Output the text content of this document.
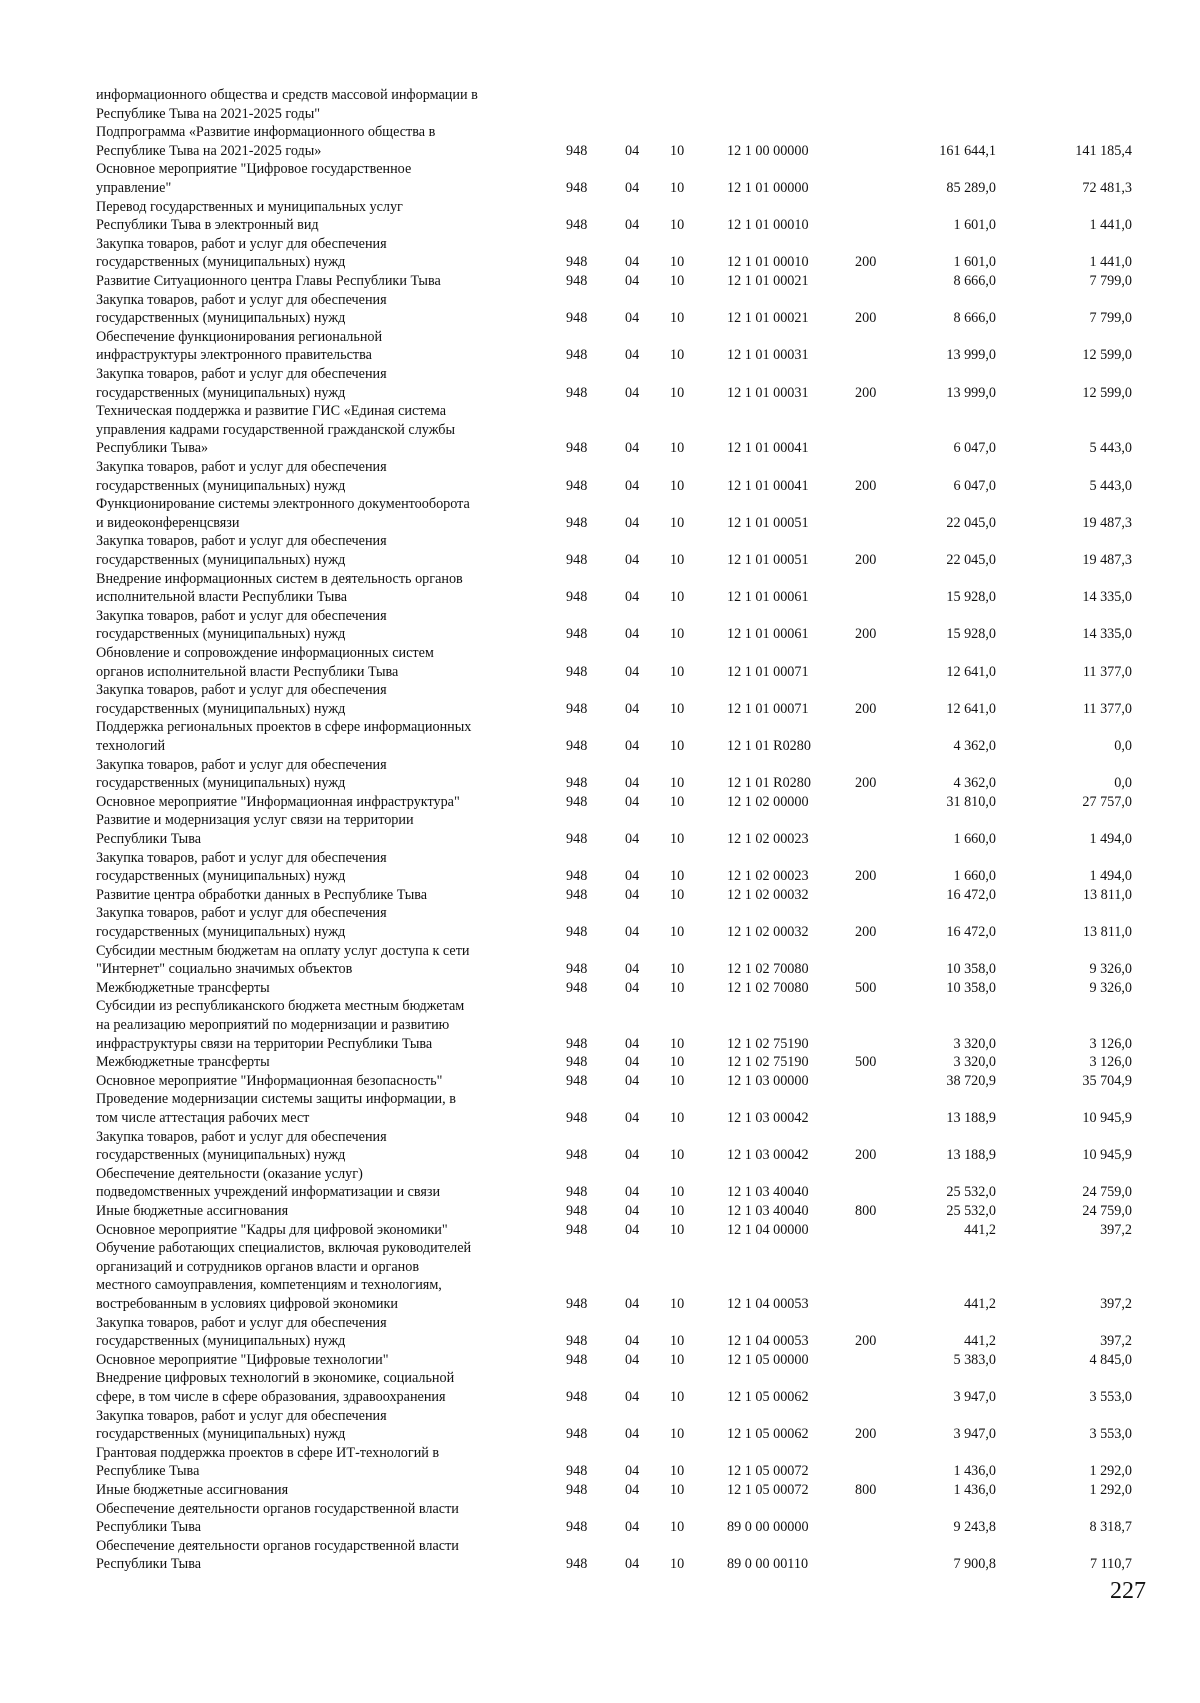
информационного общества и средств массовой информации в
Республике Тыва на 2021-2025 годы"
Подпрограмма «Развитие информационного общества в
Республике Тыва на 2021-2025 годы»	948	04 10	12 1 00 00000	161 644,1	141 185,4
Основное мероприятие "Цифровое государственное
управление"	948	04 10	12 1 01 00000	85 289,0	72 481,3
Перевод государственных и муниципальных услуг
Республики Тыва в электронный вид	948	04 10	12 1 01 00010	1 601,0	1 441,0
Закупка товаров, работ и услуг для обеспечения
государственных (муниципальных) нужд	948	04 10	12 1 01 00010	200	1 601,0	1 441,0
Развитие Ситуационного центра Главы Республики Тыва	948	04 10	12 1 01 00021	8 666,0	7 799,0
Закупка товаров, работ и услуг для обеспечения
государственных (муниципальных) нужд	948	04 10	12 1 01 00021	200	8 666,0	7 799,0
Обеспечение функционирования региональной
инфраструктуры электронного правительства	948	04 10	12 1 01 00031	13 999,0	12 599,0
Закупка товаров, работ и услуг для обеспечения
государственных (муниципальных) нужд	948	04 10	12 1 01 00031	200	13 999,0	12 599,0
Техническая поддержка и развитие ГИС «Единая система
управления кадрами государственной гражданской службы
Республики Тыва»	948	04 10	12 1 01 00041	6 047,0	5 443,0
Закупка товаров, работ и услуг для обеспечения
государственных (муниципальных) нужд	948	04 10	12 1 01 00041	200	6 047,0	5 443,0
Функционирование системы электронного документооборота
и видеоконференцсвязи	948	04 10	12 1 01 00051	22 045,0	19 487,3
Закупка товаров, работ и услуг для обеспечения
государственных (муниципальных) нужд	948	04 10	12 1 01 00051	200	22 045,0	19 487,3
Внедрение информационных систем в деятельность органов
исполнительной власти Республики Тыва	948	04 10	12 1 01 00061	15 928,0	14 335,0
Закупка товаров, работ и услуг для обеспечения
государственных (муниципальных) нужд	948	04 10	12 1 01 00061	200	15 928,0	14 335,0
Обновление и сопровождение информационных систем
органов исполнительной власти Республики Тыва	948	04 10	12 1 01 00071	12 641,0	11 377,0
Закупка товаров, работ и услуг для обеспечения
государственных (муниципальных) нужд	948	04 10	12 1 01 00071	200	12 641,0	11 377,0
Поддержка региональных проектов в сфере информационных
технологий	948	04 10	12 1 01 R0280	4 362,0	0,0
Закупка товаров, работ и услуг для обеспечения
государственных (муниципальных) нужд	948	04 10	12 1 01 R0280	200	4 362,0	0,0
Основное мероприятие "Информационная инфраструктура"	948	04 10	12 1 02 00000	31 810,0	27 757,0
Развитие и модернизация услуг связи на территории
Республики Тыва	948	04 10	12 1 02 00023	1 660,0	1 494,0
Закупка товаров, работ и услуг для обеспечения
государственных (муниципальных) нужд	948	04 10	12 1 02 00023	200	1 660,0	1 494,0
Развитие центра обработки данных в Республике Тыва	948	04 10	12 1 02 00032	16 472,0	13 811,0
Закупка товаров, работ и услуг для обеспечения
государственных (муниципальных) нужд	948	04 10	12 1 02 00032	200	16 472,0	13 811,0
Субсидии местным бюджетам на оплату услуг доступа к сети
"Интернет" социально значимых объектов	948	04 10	12 1 02 70080	10 358,0	9 326,0
Межбюджетные трансферты	948	04 10	12 1 02 70080	500	10 358,0	9 326,0
Субсидии из республиканского бюджета местным бюджетам
на реализацию мероприятий по модернизации и развитию
инфраструктуры связи на территории Республики Тыва	948	04 10	12 1 02 75190	3 320,0	3 126,0
Межбюджетные трансферты	948	04 10	12 1 02 75190	500	3 320,0	3 126,0
Основное мероприятие "Информационная безопасность"	948	04 10	12 1 03 00000	38 720,9	35 704,9
Проведение модернизации системы защиты информации, в
том числе аттестация рабочих мест	948	04 10	12 1 03 00042	13 188,9	10 945,9
Закупка товаров, работ и услуг для обеспечения
государственных (муниципальных) нужд	948	04 10	12 1 03 00042	200	13 188,9	10 945,9
Обеспечение деятельности (оказание услуг)
подведомственных учреждений информатизации и связи	948	04 10	12 1 03 40040	25 532,0	24 759,0
Иные бюджетные ассигнования	948	04 10	12 1 03 40040	800	25 532,0	24 759,0
Основное мероприятие "Кадры для цифровой экономики"	948	04 10	12 1 04 00000	441,2	397,2
Обучение работающих специалистов, включая руководителей
организаций и сотрудников органов власти и органов
местного самоуправления, компетенциям и технологиям,
востребованным в условиях цифровой экономики	948	04 10	12 1 04 00053	441,2	397,2
Закупка товаров, работ и услуг для обеспечения
государственных (муниципальных) нужд	948	04 10	12 1 04 00053	200	441,2	397,2
Основное мероприятие "Цифровые технологии"	948	04 10	12 1 05 00000	5 383,0	4 845,0
Внедрение цифровых технологий в экономике, социальной
сфере, в том числе в сфере образования, здравоохранения	948	04 10	12 1 05 00062	3 947,0	3 553,0
Закупка товаров, работ и услуг для обеспечения
государственных (муниципальных) нужд	948	04 10	12 1 05 00062	200	3 947,0	3 553,0
Грантовая поддержка проектов в сфере ИТ-технологий в
Республике Тыва	948	04 10	12 1 05 00072	1 436,0	1 292,0
Иные бюджетные ассигнования	948	04 10	12 1 05 00072	800	1 436,0	1 292,0
Обеспечение деятельности органов государственной власти
Республики Тыва	948	04 10	89 0 00 00000	9 243,8	8 318,7
Обеспечение деятельности органов государственной власти
Республики Тыва	948	04 10	89 0 00 00110	7 900,8	7 110,7
227
